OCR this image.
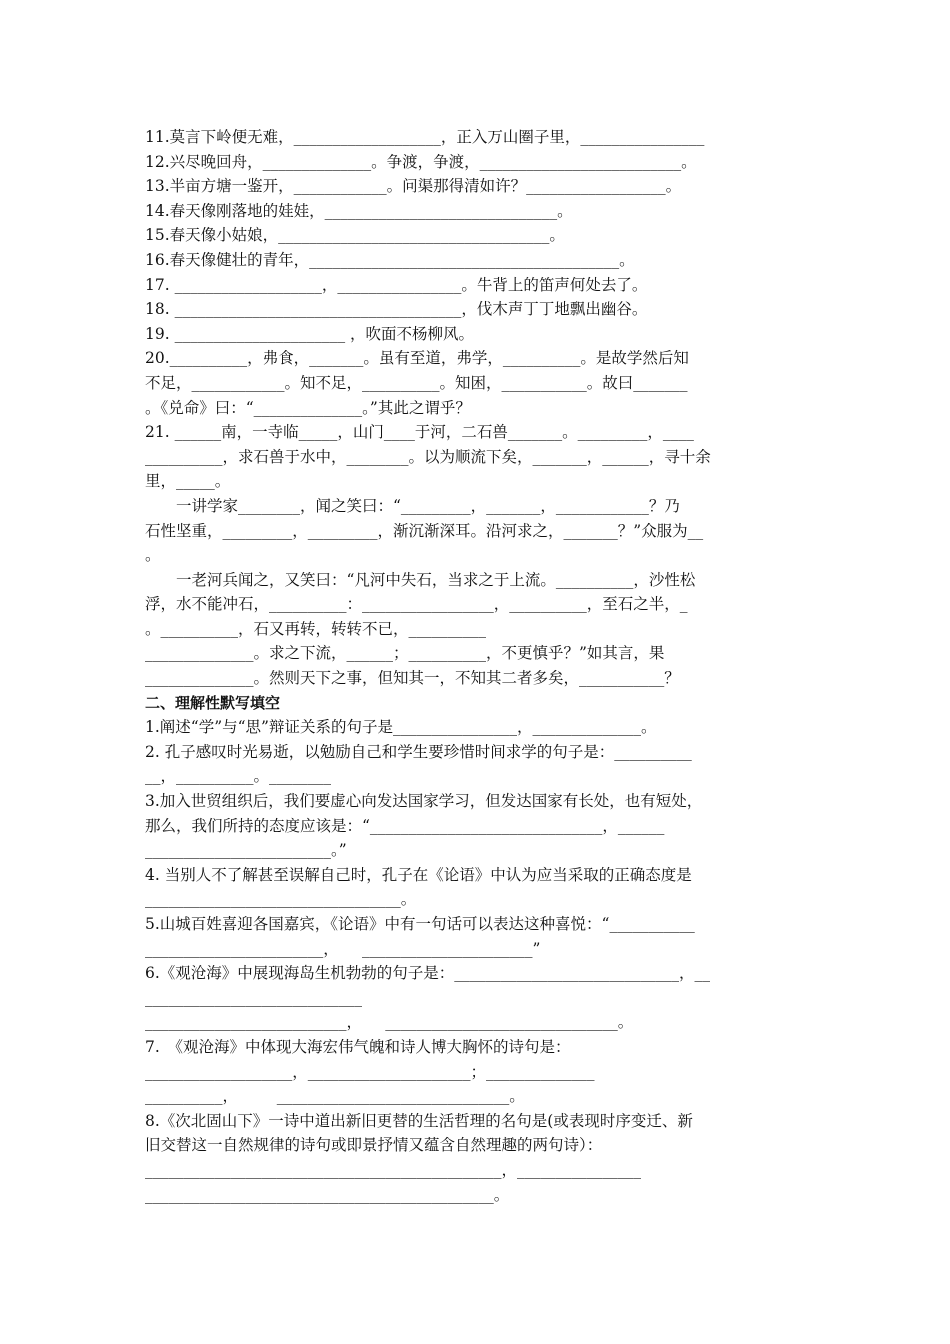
11.莫言下岭便无难，___________________，正入万山圈子里，________________
12.兴尽晚回舟，______________。争渡，争渡，__________________________。
13.半亩方塘一鉴开，____________。问渠那得清如许？__________________。
14.春天像刚落地的娃娃，______________________________。
15.春天像小姑娘，___________________________________。
16.春天像健壮的青年，________________________________________。
17. ___________________，________________。牛背上的笛声何处去了。
18. _____________________________________，伐木声丁丁地飘出幽谷。
19. ______________________ ，吹面不杨柳风。
20.__________，弗食，_______。虽有至道，弗学，__________。是故学然后知
不足，____________。知不足，__________。知困，___________。故曰_______
。《兑命》曰：“______________。”其此之谓乎？
21. ______南，一寺临_____，山门____于河，二石兽_______。_________，____
__________，求石兽于水中，________。以为顺流下矣，_______，______，寻十余
里，_____。
一讲学家________，闻之笑曰：“_________，_______，____________？乃
石性坚重，_________，_________，渐沉渐深耳。沿河求之，_______？”众服为__
。
一老河兵闻之，又笑曰：“凡河中失石，当求之于上流。__________，沙性松
浮，水不能冲石，__________：_________________，__________，至石之半，_
。__________，石又再转，转转不已，__________
______________。求之下流，______；__________，不更慎乎？”如其言，果
______________。然则天下之事，但知其一，不知其二者多矣，___________？
二、理解性默写填空
1.阐述“学”与“思”辩证关系的句子是________________，______________。
2. 孔子感叹时光易逝，以勉励自己和学生要珍惜时间求学的句子是：__________
__，__________。________
3.加入世贸组织后，我们要虚心向发达国家学习，但发达国家有长处，也有短处，
那么，我们所持的态度应该是：“______________________________，______
________________________。”
4. 当别人不了解甚至误解自己时，孔子在《论语》中认为应当采取的正确态度是
_________________________________。
5.山城百姓喜迎各国嘉宾，《论语》中有一句话可以表达这种喜悦：“___________
_______________________，　　______________________”
6.《观沧海》中展现海岛生机勃勃的句子是：_____________________________，__
____________________________
__________________________，　　______________________________。
7.　《观沧海》中体现大海宏伟气魄和诗人博大胸怀的诗句是：
___________________，_____________________；______________
__________，　　　______________________________。
8.《次北固山下》一诗中道出新旧更替的生活哲理的名句是(或表现时序变迁、新
旧交替这一自然规律的诗句或即景抒情又蕴含自然理趣的两句诗）：
______________________________________________，________________
_____________________________________________。
